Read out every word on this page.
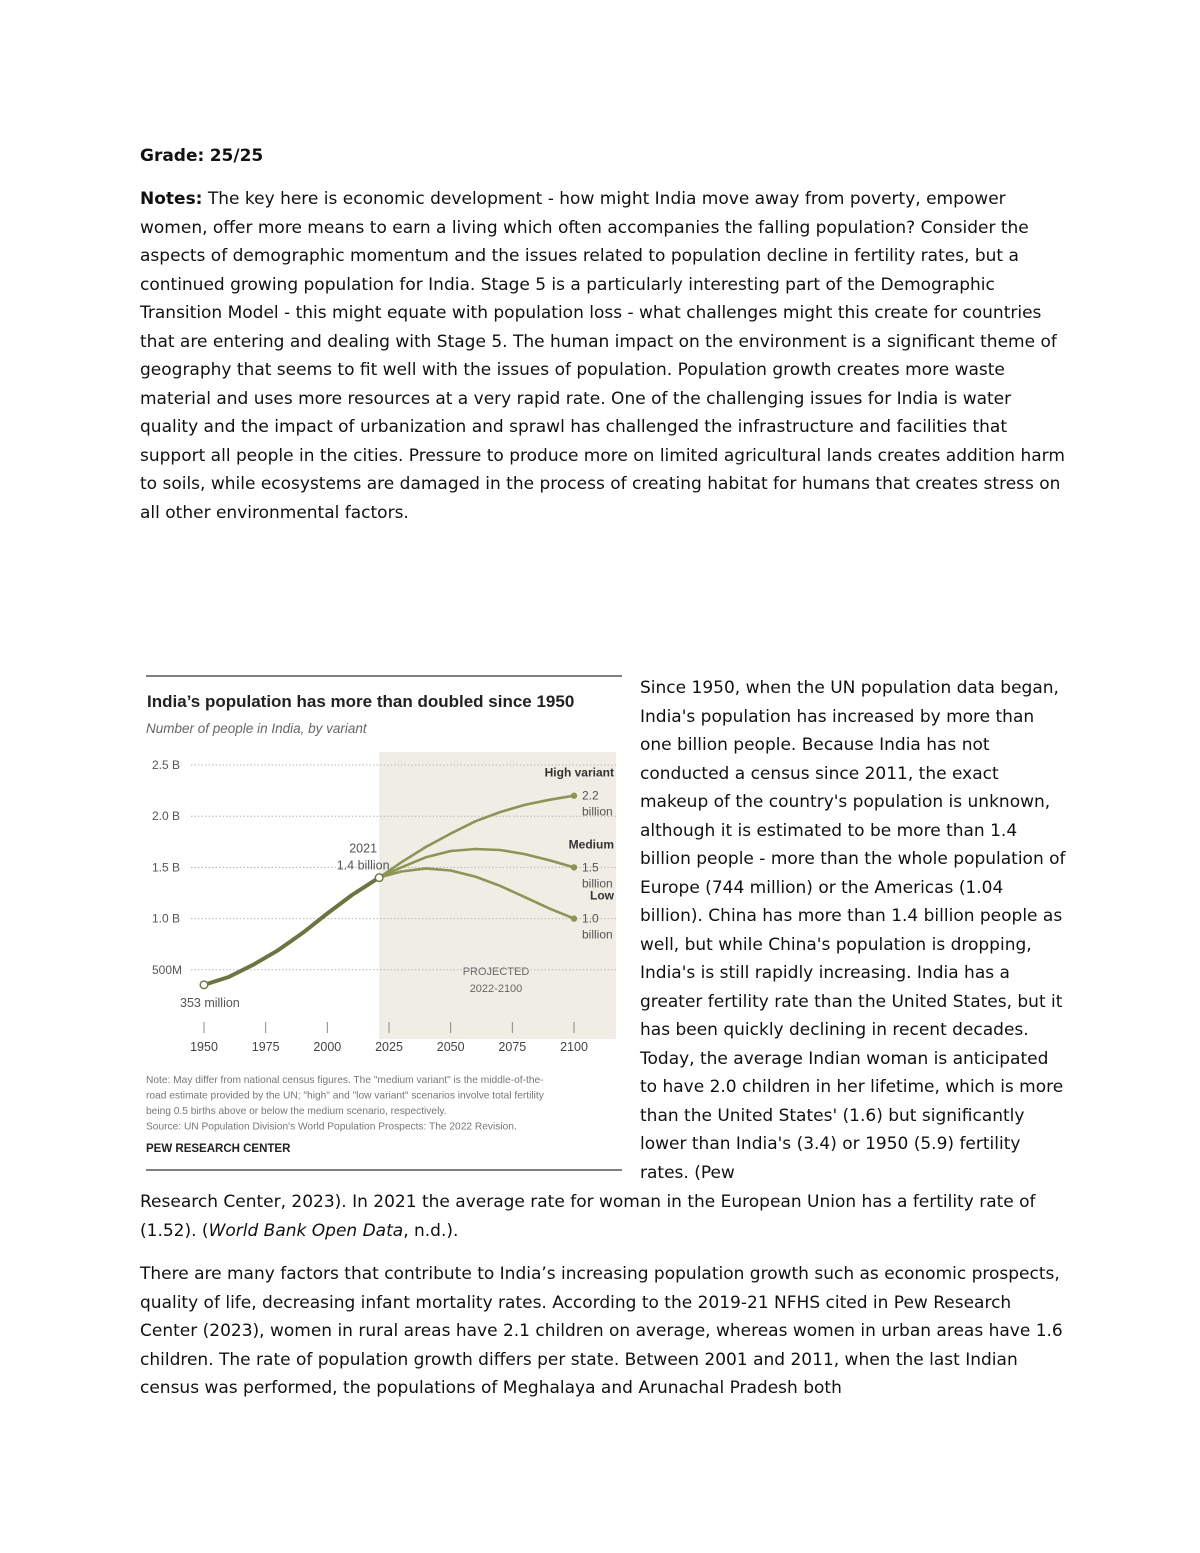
Grade: 25/25

Notes: The key here is economic development - how might India move away from poverty, empower women, offer more means to earn a living which often accompanies the falling population? Consider the aspects of demographic momentum and the issues related to population decline in fertility rates, but a continued growing population for India. Stage 5 is a particularly interesting part of the Demographic Transition Model - this might equate with population loss - what challenges might this create for countries that are entering and dealing with Stage 5. The human impact on the environment is a significant theme of geography that seems to fit well with the issues of population. Population growth creates more waste material and uses more resources at a very rapid rate. One of the challenging issues for India is water quality and the impact of urbanization and sprawl has challenged the infrastructure and facilities that support all people in the cities. Pressure to produce more on limited agricultural lands creates addition harm to soils, while ecosystems are damaged in the process of creating habitat for humans that creates stress on all other environmental factors.

India’s population has more than doubled since 1950
Number of people in India, by variant
PROJECTED
2022-2100
500M
1.0 B
1.5 B
2.0 B
2.5 B
353 million
2021
1.4 billion
High variant
2.2
billion
Medium
1.5
billion
Low
1.0
billion
1950	1975	2000	2025	2050	2075	2100
Note: May differ from national census figures. The "medium variant" is the middle-of-the-
road estimate provided by the UN; "high" and "low variant" scenarios involve total fertility
being 0.5 births above or below the medium scenario, respectively.
Source: UN Population Division's World Population Prospects: The 2022 Revision.
PEW RESEARCH CENTER

Since 1950, when the UN population data began, India's population has increased by more than one billion people. Because India has not conducted a census since 2011, the exact makeup of the country's population is unknown, although it is estimated to be more than 1.4 billion people - more than the whole population of Europe (744 million) or the Americas (1.04 billion). China has more than 1.4 billion people as well, but while China's population is dropping, India's is still rapidly increasing. India has a greater fertility rate than the United States, but it has been quickly declining in recent decades. Today, the average Indian woman is anticipated to have 2.0 children in her lifetime, which is more than the United States' (1.6) but significantly lower than India's (3.4) or 1950 (5.9) fertility rates. (Pew

Research Center, 2023). In 2021 the average rate for woman in the European Union has a fertility rate of (1.52). (World Bank Open Data, n.d.).

There are many factors that contribute to India’s increasing population growth such as economic prospects, quality of life, decreasing infant mortality rates. According to the 2019-21 NFHS cited in Pew Research Center (2023), women in rural areas have 2.1 children on average, whereas women in urban areas have 1.6 children. The rate of population growth differs per state. Between 2001 and 2011, when the last Indian census was performed, the populations of Meghalaya and Arunachal Pradesh both
